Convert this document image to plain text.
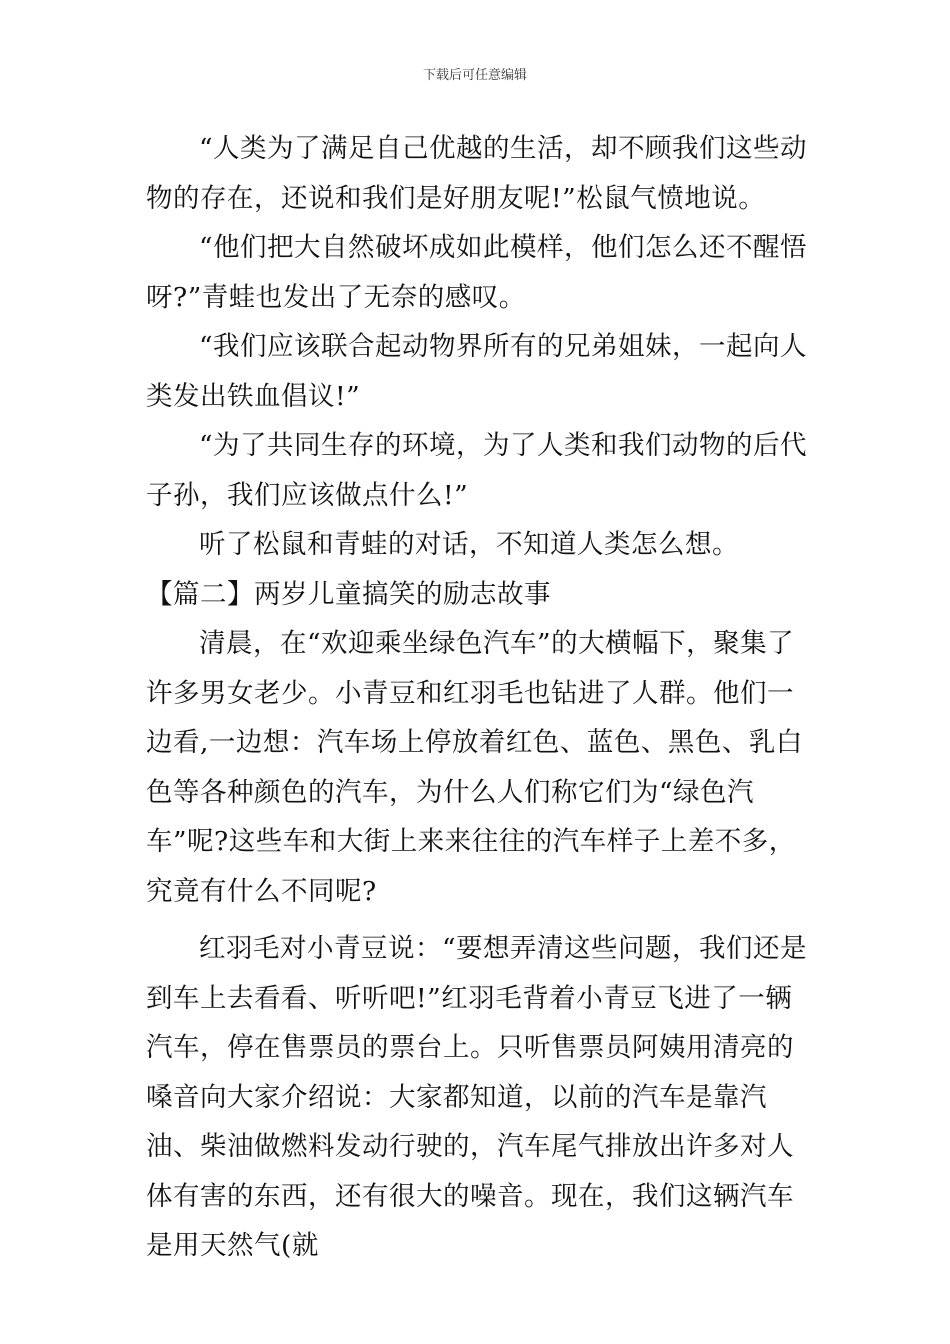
下载后可任意编辑

“人类为了满足自己优越的生活，却不顾我们这些动物的存在，还说和我们是好朋友呢!”松鼠气愤地说。

“他们把大自然破坏成如此模样，他们怎么还不醒悟呀?”青蛙也发出了无奈的感叹。

“我们应该联合起动物界所有的兄弟姐妹，一起向人类发出铁血倡议!”

“为了共同生存的环境，为了人类和我们动物的后代子孙，我们应该做点什么!”

听了松鼠和青蛙的对话，不知道人类怎么想。

【篇二】两岁儿童搞笑的励志故事

清晨，在“欢迎乘坐绿色汽车”的大横幅下，聚集了许多男女老少。小青豆和红羽毛也钻进了人群。他们一边看,一边想：汽车场上停放着红色、蓝色、黑色、乳白色等各种颜色的汽车，为什么人们称它们为“绿色汽车”呢?这些车和大街上来来往往的汽车样子上差不多，究竟有什么不同呢?

红羽毛对小青豆说：“要想弄清这些问题，我们还是到车上去看看、听听吧!”红羽毛背着小青豆飞进了一辆汽车，停在售票员的票台上。只听售票员阿姨用清亮的嗓音向大家介绍说：大家都知道，以前的汽车是靠汽油、柴油做燃料发动行驶的，汽车尾气排放出许多对人体有害的东西，还有很大的噪音。现在，我们这辆汽车是用天然气(就
